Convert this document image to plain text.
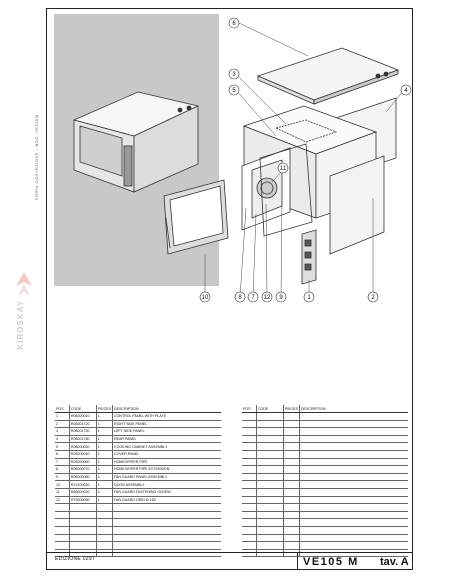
FORNI CONVEZIONE - MOD. VE105M
KIROSKAY
6
3
5	4
11
10	8 7 12 9	1	2
POS	CODE	PIECES	DESCRIPTION
1	R08200010	1	CONTROL PANEL WITH PLATE
2	R08201720	1	RIGHT SIDE PANEL
3	R08201730	1	LEFT SIDE PANEL
4	R08201760	1	REAR PANEL
5	R08200020	1	COOKING CABINET ASSEMBLY
6	R08200040	1	COVER PANEL
7	R08200060	1	HOMEOPIPER PIPE
8	R08200070	1	HOMEOPIPER PIPE EXTENSION
9	R08200080	1	FAN GUARD PANEL ASSEMBLY
10	R13100020	1	DOOR ASSEMBLY
11	R86000020	2	FAN GUARD FASTENING SCREW
12	R75000050	1	FAN GUARD GRID Ø 150

POS	CODE	PIECES	DESCRIPTION

EDIZIONE 0297	VE105 M tav. A
